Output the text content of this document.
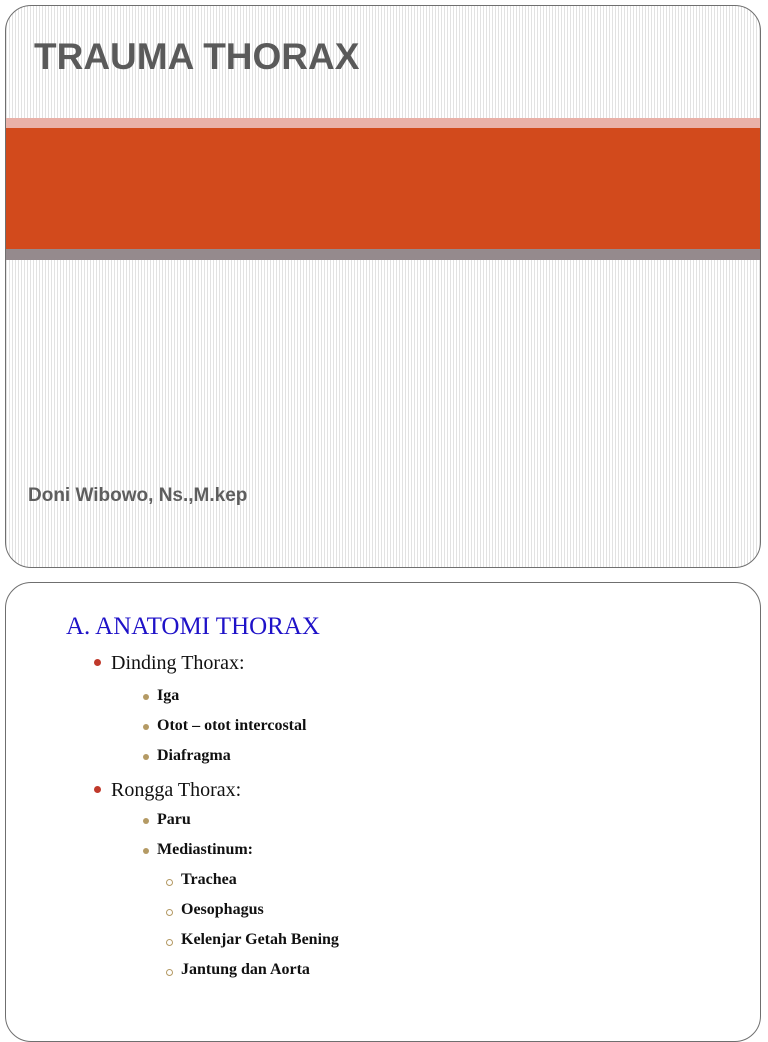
TRAUMA THORAX
Doni Wibowo, Ns.,M.kep
A. ANATOMI THORAX
Dinding Thorax:
Iga
Otot – otot intercostal
Diafragma
Rongga Thorax:
Paru
Mediastinum:
Trachea
Oesophagus
Kelenjar Getah Bening
Jantung dan Aorta
